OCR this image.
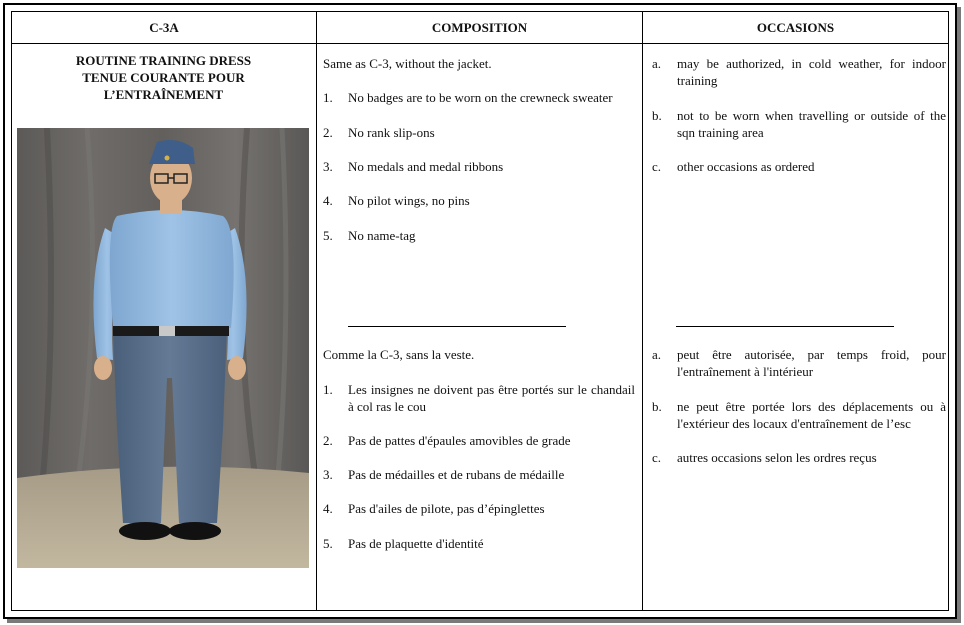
C-3A	COMPOSITION	OCCASIONS
ROUTINE TRAINING DRESS
TENUE COURANTE POUR
L’ENTRAÎNEMENT
Same as C-3, without the jacket.
1. No badges are to be worn on the crewneck sweater
2. No rank slip-ons
3. No medals and medal ribbons
4. No pilot wings, no pins
5. No name-tag
Comme la C-3, sans la veste.
1. Les insignes ne doivent pas être portés sur le chandail à col ras le cou
2. Pas de pattes d'épaules amovibles de grade
3. Pas de médailles et de rubans de médaille
4. Pas d'ailes de pilote, pas d’épinglettes
5. Pas de plaquette d'identité
a. may be authorized, in cold weather, for indoor training
b. not to be worn when travelling or outside of the sqn training area
c. other occasions as ordered
a. peut être autorisée, par temps froid, pour l'entraînement à l'intérieur
b. ne peut être portée lors des déplacements ou à l'extérieur des locaux d'entraînement de l’esc
c. autres occasions selon les ordres reçus
